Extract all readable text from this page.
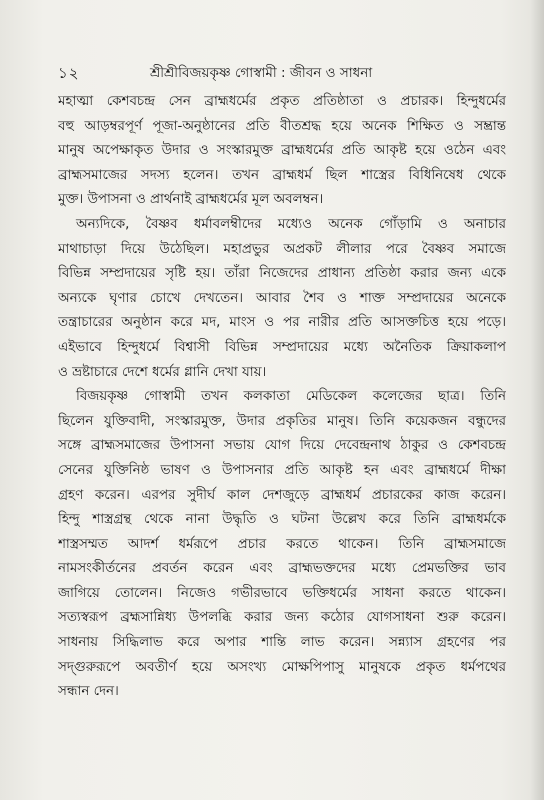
১২	শ্রীশ্রীবিজয়কৃষ্ণ গোস্বামী : জীবন ও সাধনা
মহাত্মা কেশবচন্দ্র সেন ব্রাহ্মধর্মের প্রকৃত প্রতিষ্ঠাতা ও প্রচারক। হিন্দুধর্মের
বহু আড়ম্বরপূর্ণ পূজা-অনুষ্ঠানের প্রতি বীতশ্রদ্ধ হয়ে অনেক শিক্ষিত ও সম্ভ্রান্ত
মানুষ অপেক্ষাকৃত উদার ও সংস্কারমুক্ত ব্রাহ্মধর্মের প্রতি আকৃষ্ট হয়ে ওঠেন এবং
ব্রাহ্মসমাজের সদস্য হলেন। তখন ব্রাহ্মধর্ম ছিল শাস্ত্রের বিধিনিষেধ থেকে
মুক্ত। উপাসনা ও প্রার্থনাই ব্রাহ্মধর্মের মূল অবলম্বন।
অন্যদিকে, বৈষ্ণব ধর্মাবলম্বীদের মধ্যেও অনেক গোঁড়ামি ও অনাচার
মাথাচাড়া দিয়ে উঠেছিল। মহাপ্রভুর অপ্রকট লীলার পরে বৈষ্ণব সমাজে
বিভিন্ন সম্প্রদায়ের সৃষ্টি হয়। তাঁরা নিজেদের প্রাধান্য প্রতিষ্ঠা করার জন্য একে
অন্যকে ঘৃণার চোখে দেখতেন। আবার শৈব ও শাক্ত সম্প্রদায়ের অনেকে
তন্ত্রাচারের অনুষ্ঠান করে মদ, মাংস ও পর নারীর প্রতি আসক্তচিত্ত হয়ে পড়ে।
এইভাবে হিন্দুধর্মে বিশ্বাসী বিভিন্ন সম্প্রদায়ের মধ্যে অনৈতিক ক্রিয়াকলাপ
ও ভ্রষ্টাচারে দেশে ধর্মের গ্লানি দেখা যায়।
বিজয়কৃষ্ণ গোস্বামী তখন কলকাতা মেডিকেল কলেজের ছাত্র। তিনি
ছিলেন যুক্তিবাদী, সংস্কারমুক্ত, উদার প্রকৃতির মানুষ। তিনি কয়েকজন বন্ধুদের
সঙ্গে ব্রাহ্মসমাজের উপাসনা সভায় যোগ দিয়ে দেবেন্দ্রনাথ ঠাকুর ও কেশবচন্দ্র
সেনের যুক্তিনিষ্ঠ ভাষণ ও উপাসনার প্রতি আকৃষ্ট হন এবং ব্রাহ্মধর্মে দীক্ষা
গ্রহণ করেন। এরপর সুদীর্ঘ কাল দেশজুড়ে ব্রাহ্মধর্ম প্রচারকের কাজ করেন।
হিন্দু শাস্ত্রগ্রন্থ থেকে নানা উদ্ধৃতি ও ঘটনা উল্লেখ করে তিনি ব্রাহ্মধর্মকে
শাস্ত্রসম্মত আদর্শ ধর্মরূপে প্রচার করতে থাকেন। তিনি ব্রাহ্মসমাজে
নামসংকীর্তনের প্রবর্তন করেন এবং ব্রাহ্মভক্তদের মধ্যে প্রেমভক্তির ভাব
জাগিয়ে তোলেন। নিজেও গভীরভাবে ভক্তিধর্মের সাধনা করতে থাকেন।
সত্যস্বরূপ ব্রহ্মসান্নিধ্য উপলব্ধি করার জন্য কঠোর যোগসাধনা শুরু করেন।
সাধনায় সিদ্ধিলাভ করে অপার শান্তি লাভ করেন। সন্ন্যাস গ্রহণের পর
সদ্গুরুরূপে অবতীর্ণ হয়ে অসংখ্য মোক্ষপিপাসু মানুষকে প্রকৃত ধর্মপথের
সন্ধান দেন।
